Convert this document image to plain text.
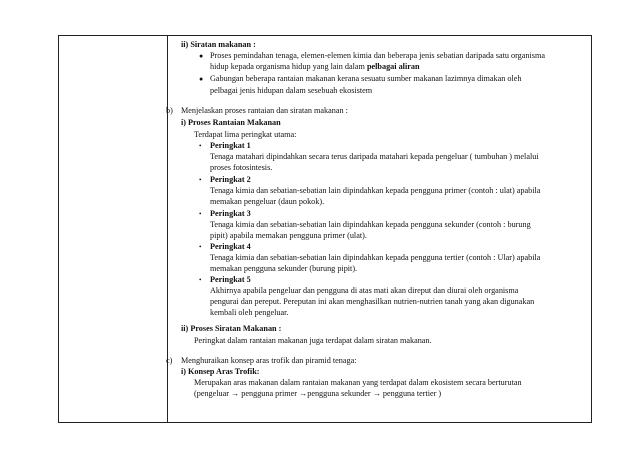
ii) Siratan makanan :
● Proses pemindahan tenaga, elemen-elemen kimia dan beberapa jenis sebatian daripada satu organisma
hidup kepada organisma hidup yang lain dalam pelbagai aliran
● Gabungan beberapa rantaian makanan kerana sesuatu sumber makanan lazimnya dimakan oleh
pelbagai jenis hidupan dalam sesebuah ekosistem
b) Menjelaskan proses rantaian dan siratan makanan :
i) Proses Rantaian Makanan
Terdapat lima peringkat utama:
• Peringkat 1
Tenaga matahari dipindahkan secara terus daripada matahari kepada pengeluar ( tumbuhan ) melalui
proses fotosintesis.
• Peringkat 2
Tenaga kimia dan sebatian-sebatian lain dipindahkan kepada pengguna primer (contoh : ulat) apabila
memakan pengeluar (daun pokok).
• Peringkat 3
Tenaga kimia dan sebatian-sebatian lain dipindahkan kepada pengguna sekunder (contoh : burung
pipit) apabila memakan pengguna primer (ulat).
• Peringkat 4
Tenaga kimia dan sebatian-sebatian lain dipindahkan kepada pengguna tertier (contoh : Ular) apabila
memakan pengguna sekunder (burung pipit).
• Peringkat 5
Akhirnya apabila pengeluar dan pengguna di atas mati akan direput dan diurai oleh organisma
pengurai dan pereput. Pereputan ini akan menghasilkan nutrien-nutrien tanah yang akan digunakan
kembali oleh pengeluar.
ii) Proses Siratan Makanan :
Peringkat dalam rantaian makanan juga terdapat dalam siratan makanan.
c) Menghuraikan konsep aras trofik dan piramid tenaga:
i) Konsep Aras Trofik:
Merupakan aras makanan dalam rantaian makanan yang terdapat dalam ekosistem secara berturutan
(pengeluar → pengguna primer →pengguna sekunder → pengguna tertier )
